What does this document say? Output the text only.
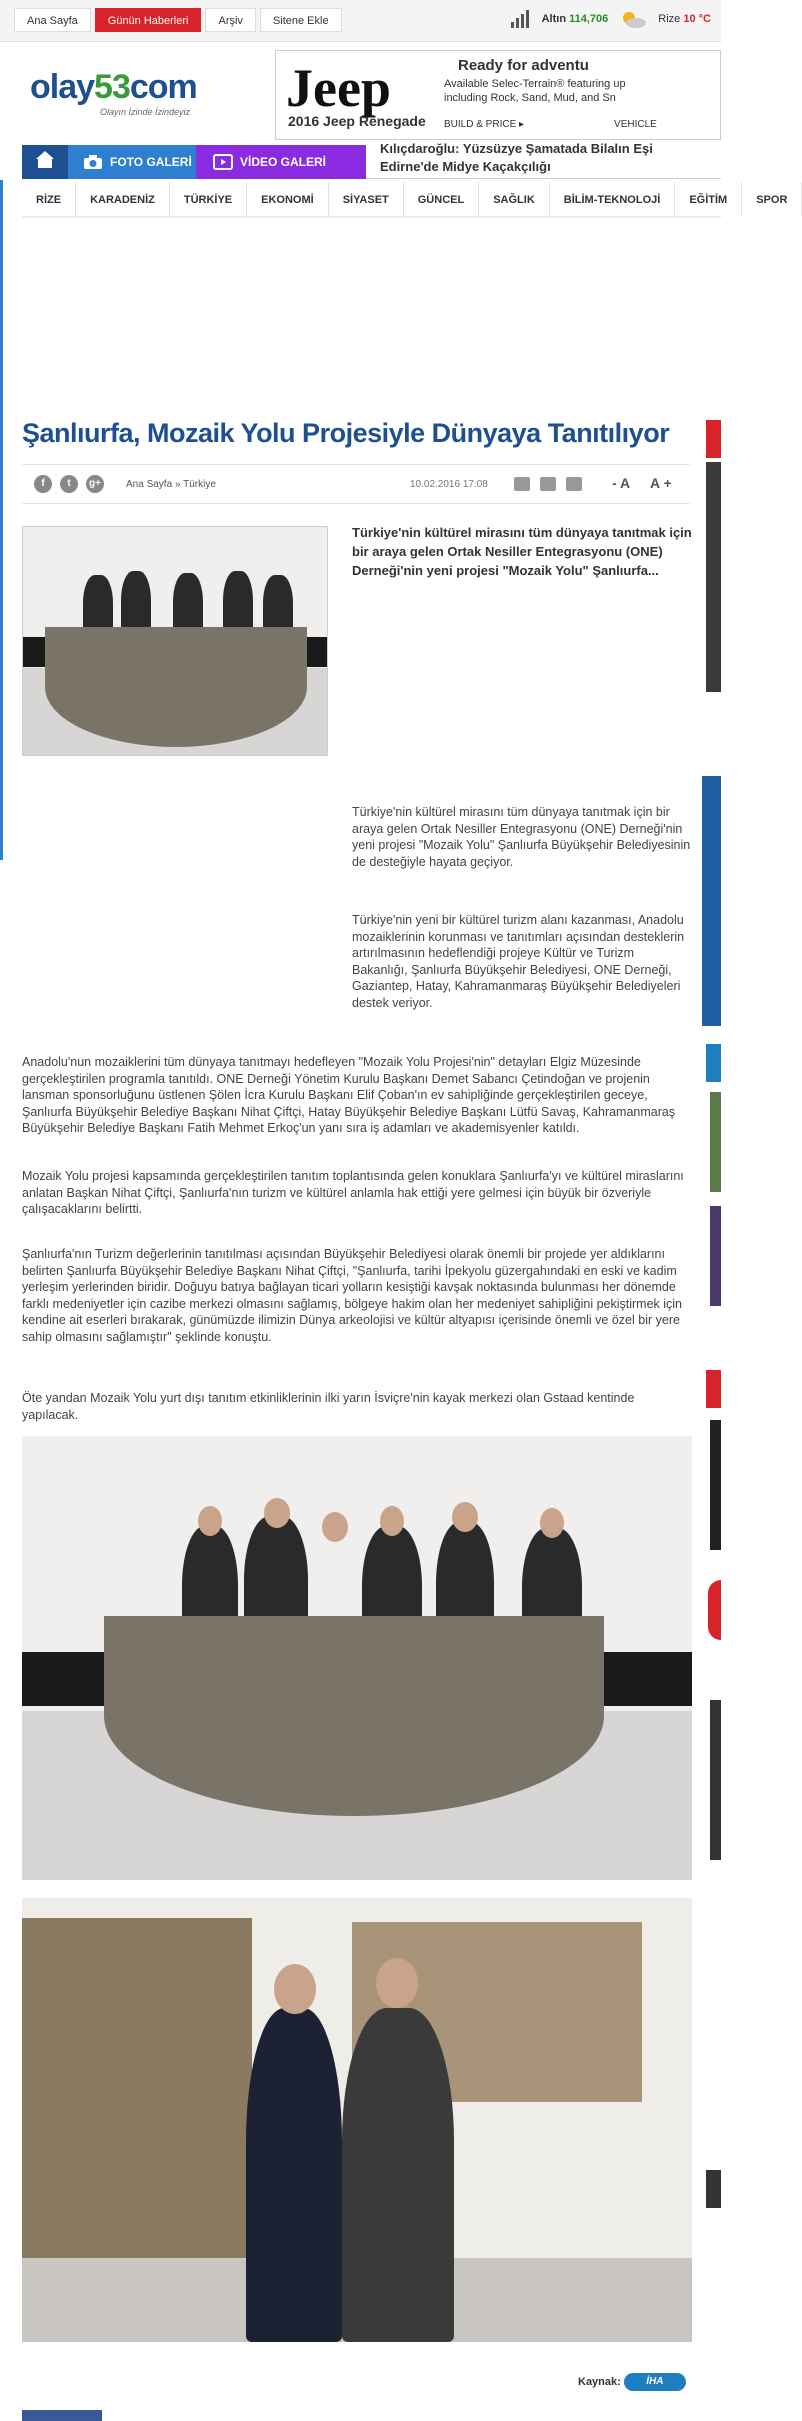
Ana Sayfa	Günün Haberleri	Arşiv	Sitene Ekle	Altın 114,706	Rize 10 °C
olay53com
Olayın İzinde İzindeyiz	Jeep
2016 Jeep Renegade
Ready for adventu
Available Selec-Terrain® featuring up
including Rock, Sand, Mud, and Sn
BUILD & PRICE ▸	VEHICLE
FOTO GALERİ	VİDEO GALERİ
Kılıçdaroğlu: Yüzsüzye Şamatada Bilalın Eşi
Edirne'de Midye Kaçakçılığı
RİZE	KARADENİZ	TÜRKİYE	EKONOMİ	SİYASET	GÜNCEL	SAĞLIK	BİLİM-TEKNOLOJİ	EĞİTİM	SPOR
Şanlıurfa, Mozaik Yolu Projesiyle Dünyaya Tanıtılıyor
f	t	g+	Ana Sayfa » Türkiye	10.02.2016 17:08	- A A +
Türkiye'nin kültürel mirasını tüm dünyaya tanıtmak için bir araya gelen Ortak Nesiller Entegrasyonu (ONE) Derneği'nin yeni projesi "Mozaik Yolu" Şanlıurfa...
Türkiye'nin kültürel mirasını tüm dünyaya tanıtmak için bir araya gelen Ortak Nesiller Entegrasyonu (ONE) Derneği'nin yeni projesi "Mozaik Yolu" Şanlıurfa Büyükşehir Belediyesinin de desteğiyle hayata geçiyor.
Türkiye'nin yeni bir kültürel turizm alanı kazanması, Anadolu mozaiklerinin korunması ve tanıtımları açısından desteklerin artırılmasının hedeflendiği projeye Kültür ve Turizm Bakanlığı, Şanlıurfa Büyükşehir Belediyesi, ONE Derneği, Gaziantep, Hatay, Kahramanmaraş Büyükşehir Belediyeleri destek veriyor.
Anadolu'nun mozaiklerini tüm dünyaya tanıtmayı hedefleyen "Mozaik Yolu Projesi'nin" detayları Elgiz Müzesinde gerçekleştirilen programla tanıtıldı. ONE Derneği Yönetim Kurulu Başkanı Demet Sabancı Çetindoğan ve projenin lansman sponsorluğunu üstlenen Şölen İcra Kurulu Başkanı Elif Çoban'ın ev sahipliğinde gerçekleştirilen geceye, Şanlıurfa Büyükşehir Belediye Başkanı Nihat Çiftçi, Hatay Büyükşehir Belediye Başkanı Lütfü Savaş, Kahramanmaraş Büyükşehir Belediye Başkanı Fatih Mehmet Erkoç'un yanı sıra iş adamları ve akademisyenler katıldı.
Mozaik Yolu projesi kapsamında gerçekleştirilen tanıtım toplantısında gelen konuklara Şanlıurfa'yı ve kültürel miraslarını anlatan Başkan Nihat Çiftçi, Şanlıurfa'nın turizm ve kültürel anlamla hak ettiği yere gelmesi için büyük bir özveriyle çalışacaklarını belirtti.
Şanlıurfa'nın Turizm değerlerinin tanıtılması açısından Büyükşehir Belediyesi olarak önemli bir projede yer aldıklarını belirten Şanlıurfa Büyükşehir Belediye Başkanı Nihat Çiftçi, "Şanlıurfa, tarihi İpekyolu güzergahındaki en eski ve kadim yerleşim yerlerinden biridir. Doğuyu batıya bağlayan ticari yolların kesiştiği kavşak noktasında bulunması her dönemde farklı medeniyetler için cazibe merkezi olmasını sağlamış, bölgeye hakim olan her medeniyet sahipliğini pekiştirmek için kendine ait eserleri bırakarak, günümüzde ilimizin Dünya arkeolojisi ve kültür altyapısı içerisinde önemli ve özel bir yere sahip olmasını sağlamıştır" şeklinde konuştu.
Öte yandan Mozaik Yolu yurt dışı tanıtım etkinliklerinin ilki yarın İsviçre'nin kayak merkezi olan Gstaad kentinde yapılacak.
Kaynak:	İHA
